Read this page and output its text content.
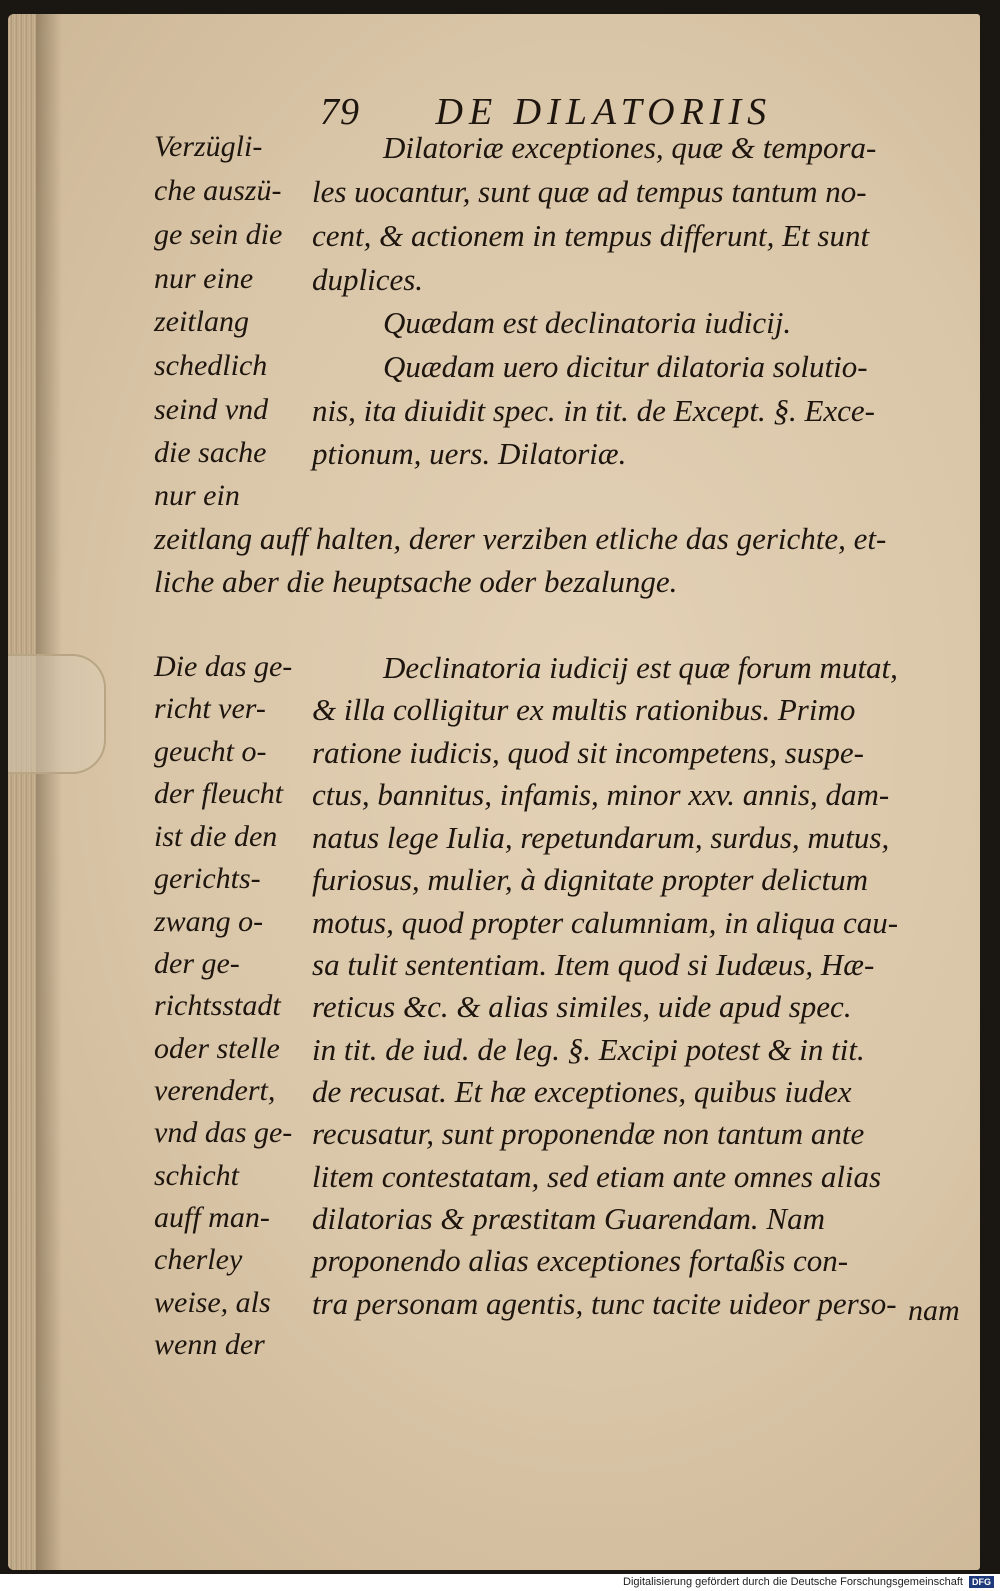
79 DE DILATORIIS
Verzügli-
che auszü-
ge sein die
nur eine
zeitlang
schedlich
seind vnd
die sache
nur ein
Dilatoriæ exceptiones, quæ & tempora-
les uocantur, sunt quæ ad tempus tantum no-
cent, & actionem in tempus differunt, Et sunt
duplices.
Quædam est declinatoria iudicij.
Quædam uero dicitur dilatoria solutio-
nis, ita diuidit spec. in tit. de Except. §. Exce-
ptionum, uers. Dilatoriæ.
zeitlang auff halten, derer verziben etliche das gerichte, et-
liche aber die heuptsache oder bezalunge.
Die das ge-
richt ver-
geucht o-
der fleucht
ist die den
gerichts-
zwang o-
der ge-
richtsstadt
oder stelle
verendert,
vnd das ge-
schicht
auff man-
cherley
weise, als
wenn der
Declinatoria iudicij est quæ forum mutat,
& illa colligitur ex multis rationibus. Primo
ratione iudicis, quod sit incompetens, suspe-
ctus, bannitus, infamis, minor xxv. annis, dam-
natus lege Iulia, repetundarum, surdus, mutus,
furiosus, mulier, à dignitate propter delictum
motus, quod propter calumniam, in aliqua cau-
sa tulit sententiam. Item quod si Iudæus, Hæ-
reticus &c. & alias similes, uide apud spec.
in tit. de iud. de leg. §. Excipi potest & in tit.
de recusat. Et hæ exceptiones, quibus iudex
recusatur, sunt proponendæ non tantum ante
litem contestatam, sed etiam ante omnes alias
dilatorias & præstitam Guarendam. Nam
proponendo alias exceptiones fortaßis con-
tra personam agentis, tunc tacite uideor perso- nam
Digitalisierung gefördert durch die Deutsche Forschungsgemeinschaft DFG
